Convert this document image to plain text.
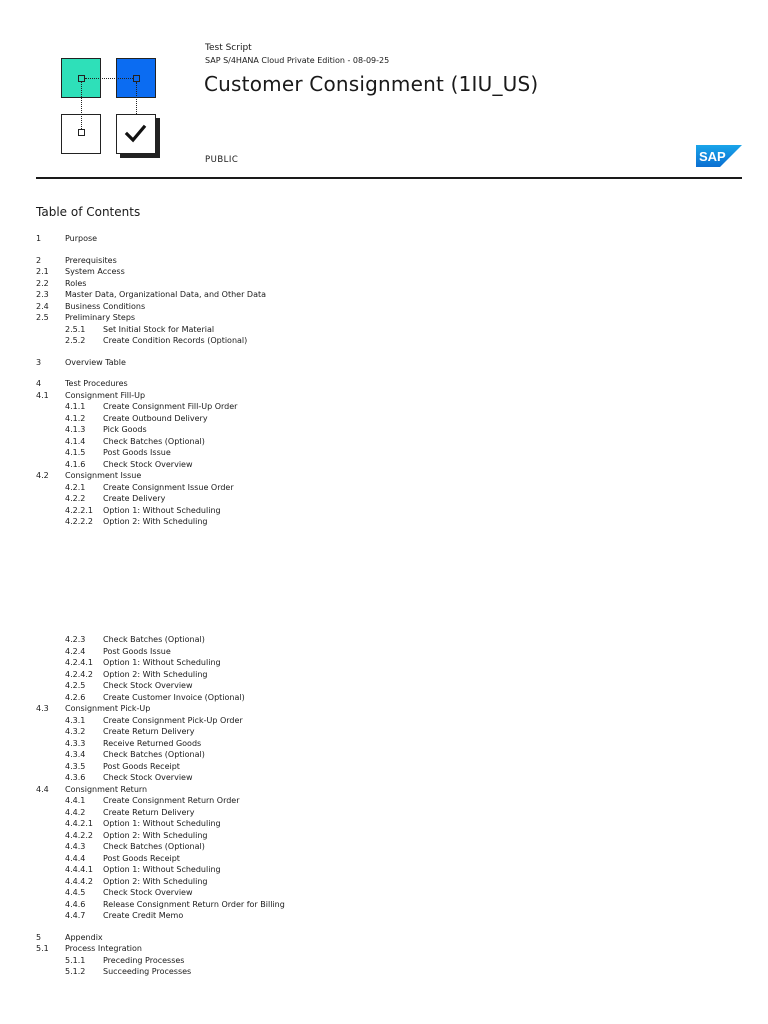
Test Script
SAP S/4HANA Cloud Private Edition - 08-09-25
Customer Consignment (1IU_US)
PUBLIC	SAP
Table of Contents
1	Purpose
2	Prerequisites
2.1 System Access
2.2 Roles
2.3 Master Data, Organizational Data, and Other Data
2.4 Business Conditions
2.5 Preliminary Steps
2.5.1 Set Initial Stock for Material
2.5.2 Create Condition Records (Optional)
3	Overview Table
4	Test Procedures
4.1 Consignment Fill-Up
4.1.1 Create Consignment Fill-Up Order
4.1.2 Create Outbound Delivery
4.1.3 Pick Goods
4.1.4 Check Batches (Optional)
4.1.5 Post Goods Issue
4.1.6 Check Stock Overview
4.2 Consignment Issue
4.2.1 Create Consignment Issue Order
4.2.2 Create Delivery
4.2.2.1 Option 1: Without Scheduling
4.2.2.2 Option 2: With Scheduling
4.2.3 Check Batches (Optional)
4.2.4 Post Goods Issue
4.2.4.1 Option 1: Without Scheduling
4.2.4.2 Option 2: With Scheduling
4.2.5 Check Stock Overview
4.2.6 Create Customer Invoice (Optional)
4.3 Consignment Pick-Up
4.3.1 Create Consignment Pick-Up Order
4.3.2 Create Return Delivery
4.3.3 Receive Returned Goods
4.3.4 Check Batches (Optional)
4.3.5 Post Goods Receipt
4.3.6 Check Stock Overview
4.4 Consignment Return
4.4.1 Create Consignment Return Order
4.4.2 Create Return Delivery
4.4.2.1 Option 1: Without Scheduling
4.4.2.2 Option 2: With Scheduling
4.4.3 Check Batches (Optional)
4.4.4 Post Goods Receipt
4.4.4.1 Option 1: Without Scheduling
4.4.4.2 Option 2: With Scheduling
4.4.5 Check Stock Overview
4.4.6 Release Consignment Return Order for Billing
4.4.7 Create Credit Memo
5	Appendix
5.1 Process Integration
5.1.1 Preceding Processes
5.1.2 Succeeding Processes
